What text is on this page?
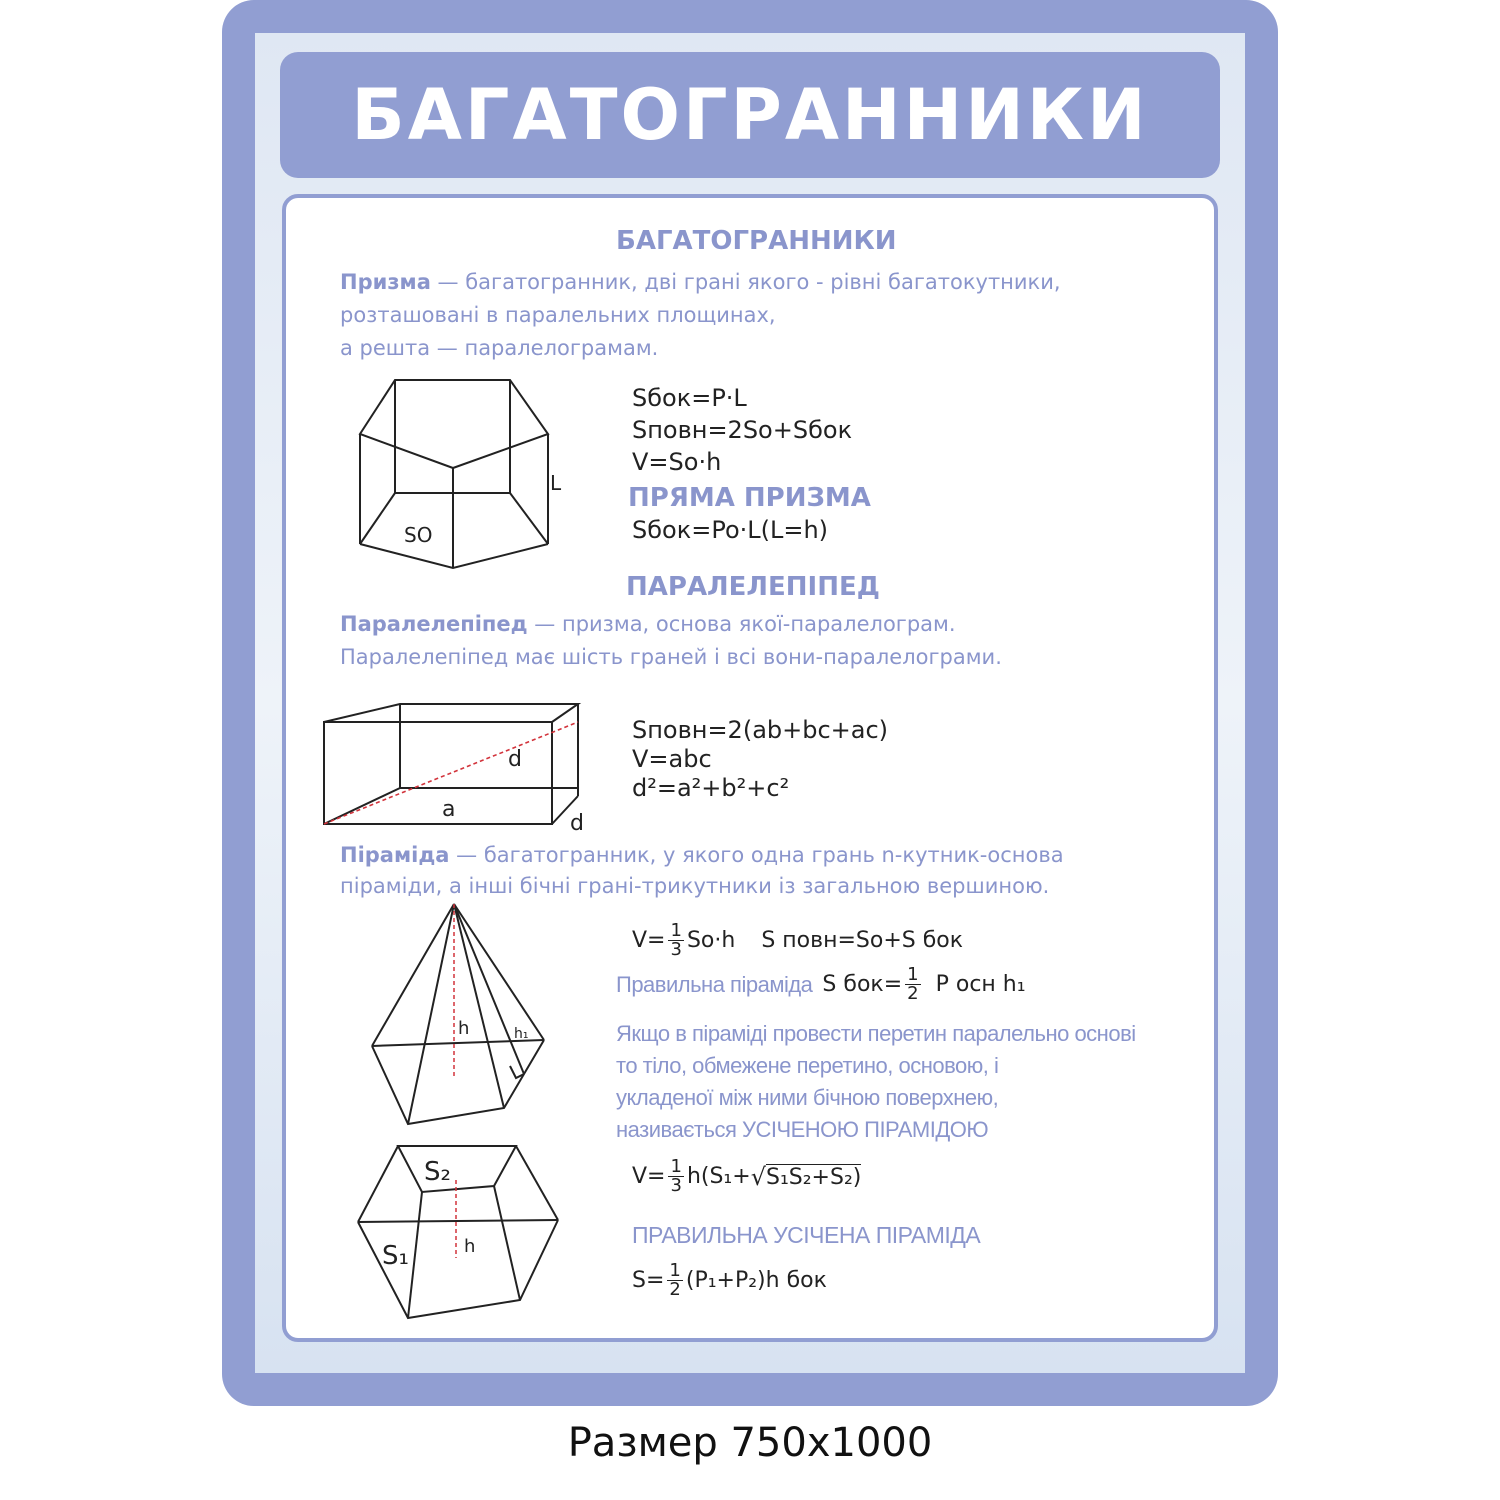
БАГАТОГРАННИКИ

БАГАТОГРАННИКИ

Призма — багатогранник, дві грані якого - рівні багатокутники,
розташовані в паралельних площинах,
а решта — паралелограмам.
SO
L
Sбок=P·L
Sповн=2So+Sбок
V=So·h

ПРЯМА ПРИЗМА

Sбок=Po·L(L=h)

ПАРАЛЕЛЕПІПЕД

Паралелепіпед — призма, основа якої-паралелограм.
Паралелепіпед має шість граней і всі вони-паралелограми.
d
a
d
Sповн=2(ab+bc+ac)
V=abc
d²=a²+b²+c²
Піраміда — багатогранник, у якого одна грань n-кутник-основа
піраміди, а інші бічні грані-трикутники із загальною вершиною.
h	h₁
$V= \frac{1}{3} So\cdot h$ S повн=So+S бок
Правильна піраміда S $бок= \frac{1}{2}$ P осн h₁
Якщо в піраміді провести перетин паралельно основі
то тіло, обмежене перетино, основою, і
укладеної між ними бічною поверхнею,
називається УСІЧЕНОЮ ПІРАМІДОЮ
S₂
S₁	h
$V= \frac{1}{3} h(S_1+$ √ S₁S₂+S₂)

ПРАВИЛЬНА УСІЧЕНА ПІРАМІДА

$S= \frac{1}{2} (P_1+P_2)h$ бок
Размер 750x1000
